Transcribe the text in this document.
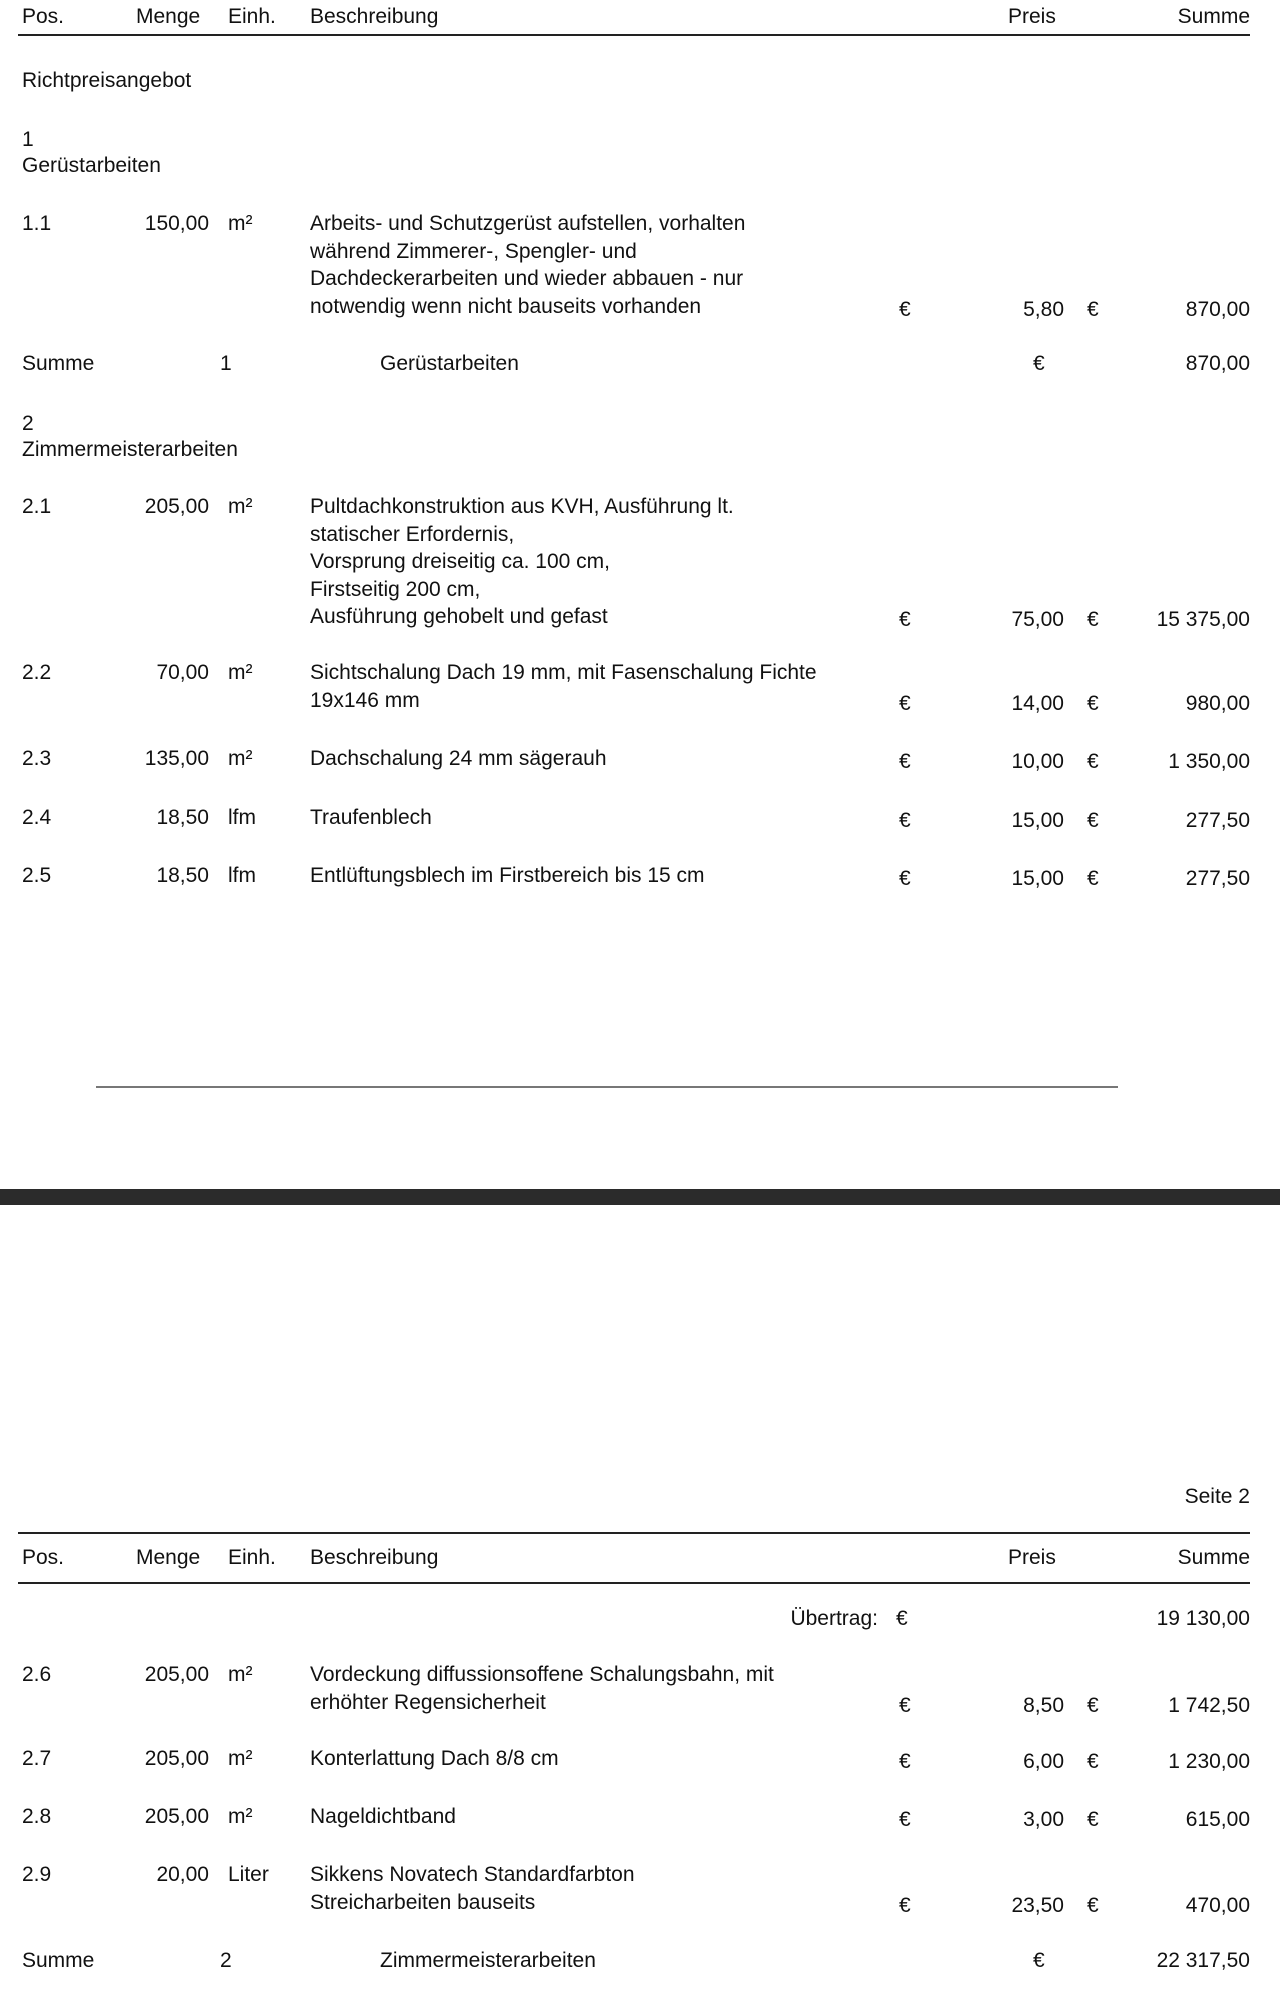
Pos.	Menge Einh. Beschreibung	Preis	Summe
Richtpreisangebot
1
Gerüstarbeiten
1.1	150,00 m²	Arbeits- und Schutzgerüst aufstellen, vorhalten
während Zimmerer-, Spengler- und
Dachdeckerarbeiten und wieder abbauen - nur
notwendig wenn nicht bauseits vorhanden	€	5,80 €	870,00
Summe	1	Gerüstarbeiten	€	870,00
2
Zimmermeisterarbeiten
2.1	205,00 m²	Pultdachkonstruktion aus KVH, Ausführung lt.
statischer Erfordernis,
Vorsprung dreiseitig ca. 100 cm,
Firstseitig 200 cm,
Ausführung gehobelt und gefast	€	75,00 €	15 375,00
2.2	70,00 m²	Sichtschalung Dach 19 mm, mit Fasenschalung Fichte
19x146 mm	€	14,00 €	980,00
2.3	135,00 m²	Dachschalung 24 mm sägerauh	€	10,00 €	1 350,00
2.4	18,50 lfm	Traufenblech	€	15,00 €	277,50
2.5	18,50 lfm	Entlüftungsblech im Firstbereich bis 15 cm	€	15,00 €	277,50
Seite 2
Pos.	Menge Einh. Beschreibung	Preis	Summe
Übertrag: €	19 130,00
2.6	205,00 m²	Vordeckung diffussionsoffene Schalungsbahn, mit
erhöhter Regensicherheit	€	8,50 €	1 742,50
2.7	205,00 m²	Konterlattung Dach 8/8 cm	€	6,00 €	1 230,00
2.8	205,00 m²	Nageldichtband	€	3,00 €	615,00
2.9	20,00 Liter Sikkens Novatech Standardfarbton
Streicharbeiten bauseits	€	23,50 €	470,00
Summe	2	Zimmermeisterarbeiten	€	22 317,50
